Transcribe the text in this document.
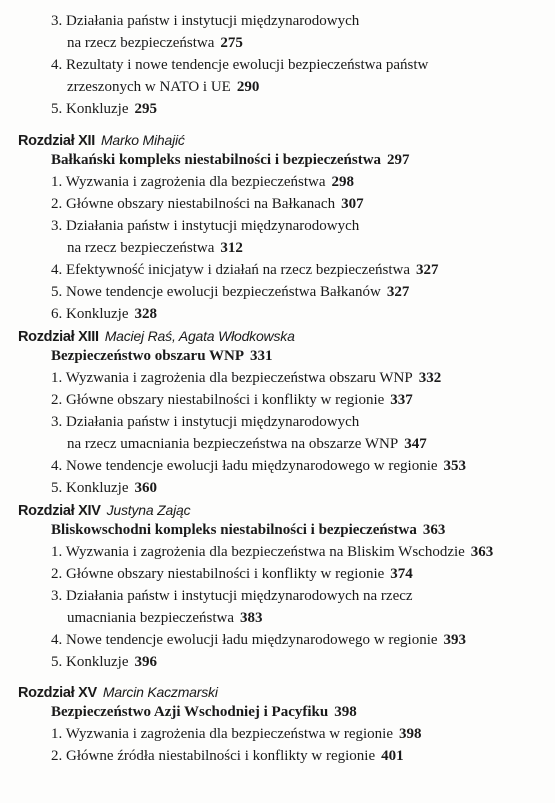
3. Działania państw i instytucji międzynarodowych
na rzecz bezpieczeństwa 275
4. Rezultaty i nowe tendencje ewolucji bezpieczeństwa państw
zrzeszonych w NATO i UE 290
5. Konkluzje 295
Rozdział XII Marko Mihajić
Bałkański kompleks niestabilności i bezpieczeństwa 297
1. Wyzwania i zagrożenia dla bezpieczeństwa 298
2. Główne obszary niestabilności na Bałkanach 307
3. Działania państw i instytucji międzynarodowych
na rzecz bezpieczeństwa 312
4. Efektywność inicjatyw i działań na rzecz bezpieczeństwa 327
5. Nowe tendencje ewolucji bezpieczeństwa Bałkanów 327
6. Konkluzje 328
Rozdział XIII Maciej Raś, Agata Włodkowska
Bezpieczeństwo obszaru WNP 331
1. Wyzwania i zagrożenia dla bezpieczeństwa obszaru WNP 332
2. Główne obszary niestabilności i konflikty w regionie 337
3. Działania państw i instytucji międzynarodowych
na rzecz umacniania bezpieczeństwa na obszarze WNP 347
4. Nowe tendencje ewolucji ładu międzynarodowego w regionie 353
5. Konkluzje 360
Rozdział XIV Justyna Zając
Bliskowschodni kompleks niestabilności i bezpieczeństwa 363
1. Wyzwania i zagrożenia dla bezpieczeństwa na Bliskim Wschodzie 363
2. Główne obszary niestabilności i konflikty w regionie 374
3. Działania państw i instytucji międzynarodowych na rzecz
umacniania bezpieczeństwa 383
4. Nowe tendencje ewolucji ładu międzynarodowego w regionie 393
5. Konkluzje 396
Rozdział XV Marcin Kaczmarski
Bezpieczeństwo Azji Wschodniej i Pacyfiku 398
1. Wyzwania i zagrożenia dla bezpieczeństwa w regionie 398
2. Główne źródła niestabilności i konflikty w regionie 401
